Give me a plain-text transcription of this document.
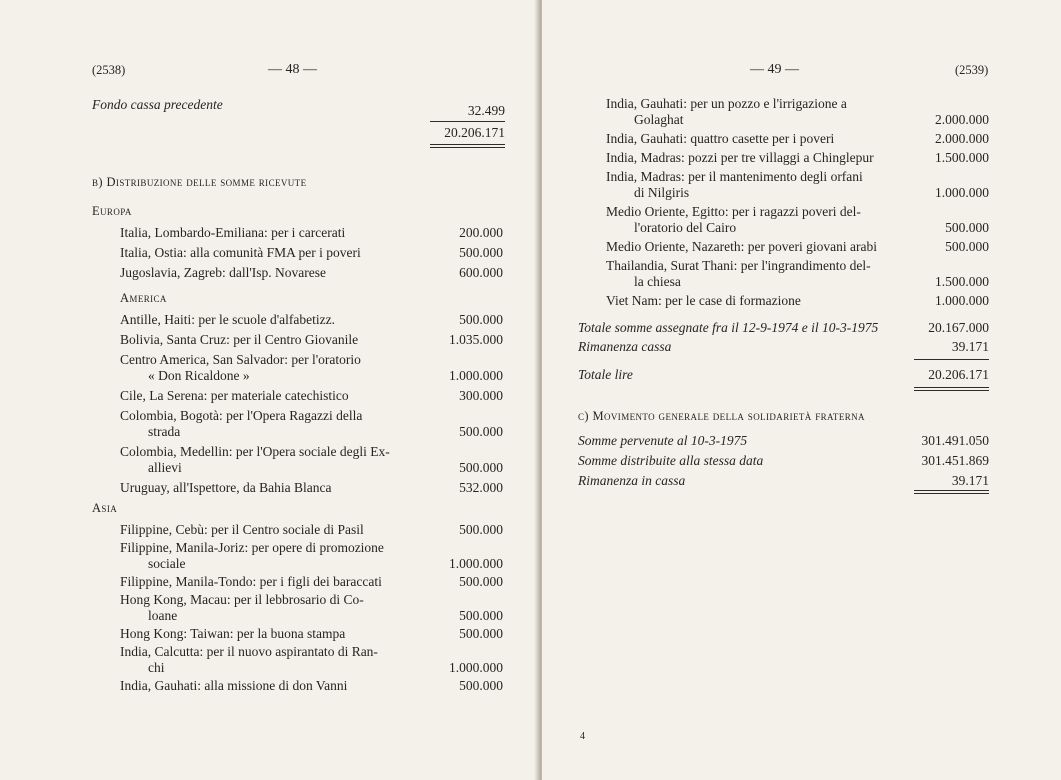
(2538)	— 48 —
Fondo cassa precedente	32.499
20.206.171
b) Distribuzione delle somme ricevute
Europa
Italia, Lombardo-Emiliana: per i carcerati	200.000
Italia, Ostia: alla comunità FMA per i poveri	500.000
Jugoslavia, Zagreb: dall'Isp. Novarese	600.000
America
Antille, Haiti: per le scuole d'alfabetizz.	500.000
Bolivia, Santa Cruz: per il Centro Giovanile	1.035.000
Centro America, San Salvador: per l'oratorio
« Don Ricaldone »	1.000.000
Cile, La Serena: per materiale catechistico	300.000
Colombia, Bogotà: per l'Opera Ragazzi della
strada	500.000
Colombia, Medellin: per l'Opera sociale degli Ex-
allievi	500.000
Uruguay, all'Ispettore, da Bahia Blanca	532.000
Asia
Filippine, Cebù: per il Centro sociale di Pasil	500.000
Filippine, Manila-Joriz: per opere di promozione
sociale	1.000.000
Filippine, Manila-Tondo: per i figli dei baraccati	500.000
Hong Kong, Macau: per il lebbrosario di Co-
loane	500.000
Hong Kong: Taiwan: per la buona stampa	500.000
India, Calcutta: per il nuovo aspirantato di Ran-
chi	1.000.000
India, Gauhati: alla missione di don Vanni	500.000
— 49 —	(2539)
India, Gauhati: per un pozzo e l'irrigazione a
Golaghat	2.000.000
India, Gauhati: quattro casette per i poveri	2.000.000
India, Madras: pozzi per tre villaggi a Chinglepur	1.500.000
India, Madras: per il mantenimento degli orfani
di Nilgiris	1.000.000
Medio Oriente, Egitto: per i ragazzi poveri del-
l'oratorio del Cairo	500.000
Medio Oriente, Nazareth: per poveri giovani arabi	500.000
Thailandia, Surat Thani: per l'ingrandimento del-
la chiesa	1.500.000
Viet Nam: per le case di formazione	1.000.000
Totale somme assegnate fra il 12-9-1974 e il 10-3-1975	20.167.000
Rimanenza cassa	39.171
Totale lire	20.206.171
c) Movimento generale della solidarietà fraterna
Somme pervenute al 10-3-1975	301.491.050
Somme distribuite alla stessa data	301.451.869
Rimanenza in cassa	39.171
4
